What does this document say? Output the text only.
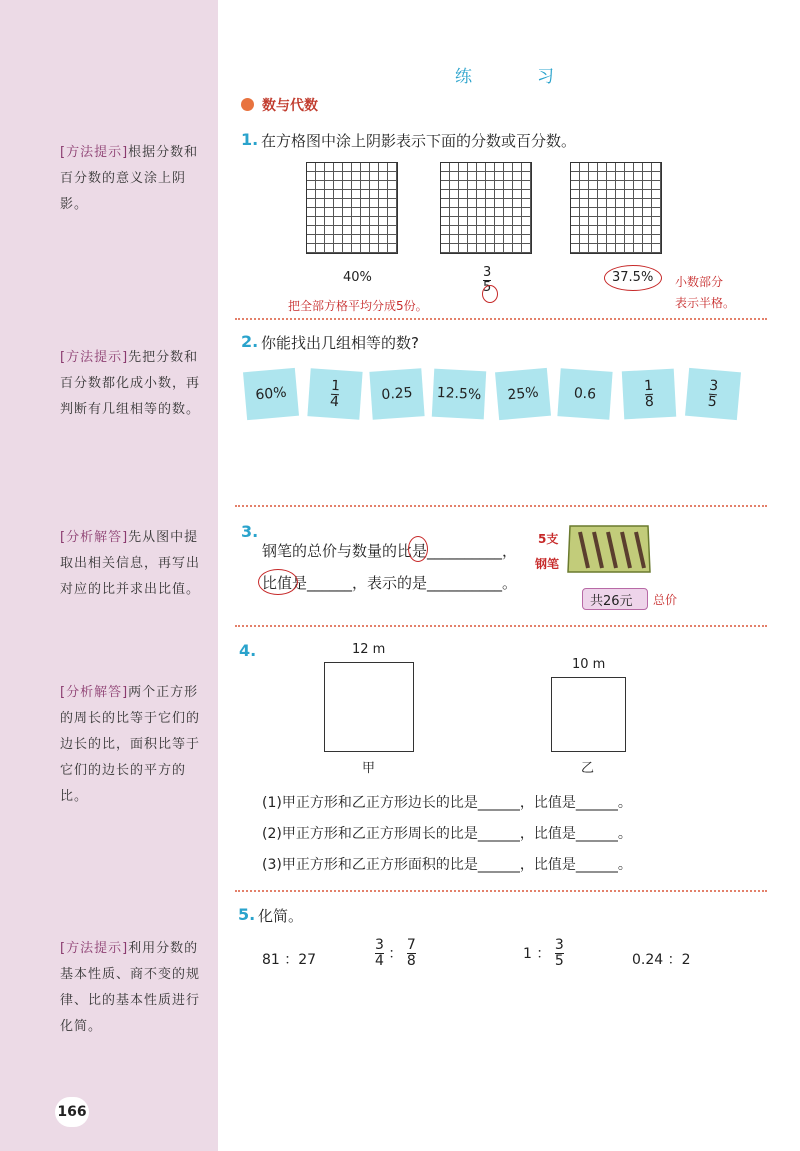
[方法提示]根据分数和百分数的意义涂上阴影。
[方法提示]先把分数和百分数都化成小数，再判断有几组相等的数。
[分析解答]先从图中提取出相关信息，再写出对应的比并求出比值。
[分析解答]两个正方形的周长的比等于它们的边长的比，面积比等于它们的边长的平方的比。
[方法提示]利用分数的基本性质、商不变的规律、比的基本性质进行化简。
166
练　习
数与代数
1. 在方格图中涂上阴影表示下面的分数或百分数。
40%	$\frac{3}{5}$	37.5%
把全部方格平均分成5份。
小数部分
表示半格。
2. 你能找出几组相等的数?
60%	$\frac{1}{4}$	0.25	12.5%	25%	0.6	$\frac{1}{8}$	$\frac{3}{5}$
3.
钢笔的总价与数量的比是__________，
比值是______，表示的是__________。
5支
钢笔
共26元 总价
4.	12 m
甲
10 m
乙
(1)甲正方形和乙正方形边长的比是______，比值是______。
(2)甲正方形和乙正方形周长的比是______，比值是______。
(3)甲正方形和乙正方形面积的比是______，比值是______。
5. 化简。
81 ：27	$\frac{3}{4}$ ： $\frac{7}{8}$	1 ： $\frac{3}{5}$	0.24 ：2
